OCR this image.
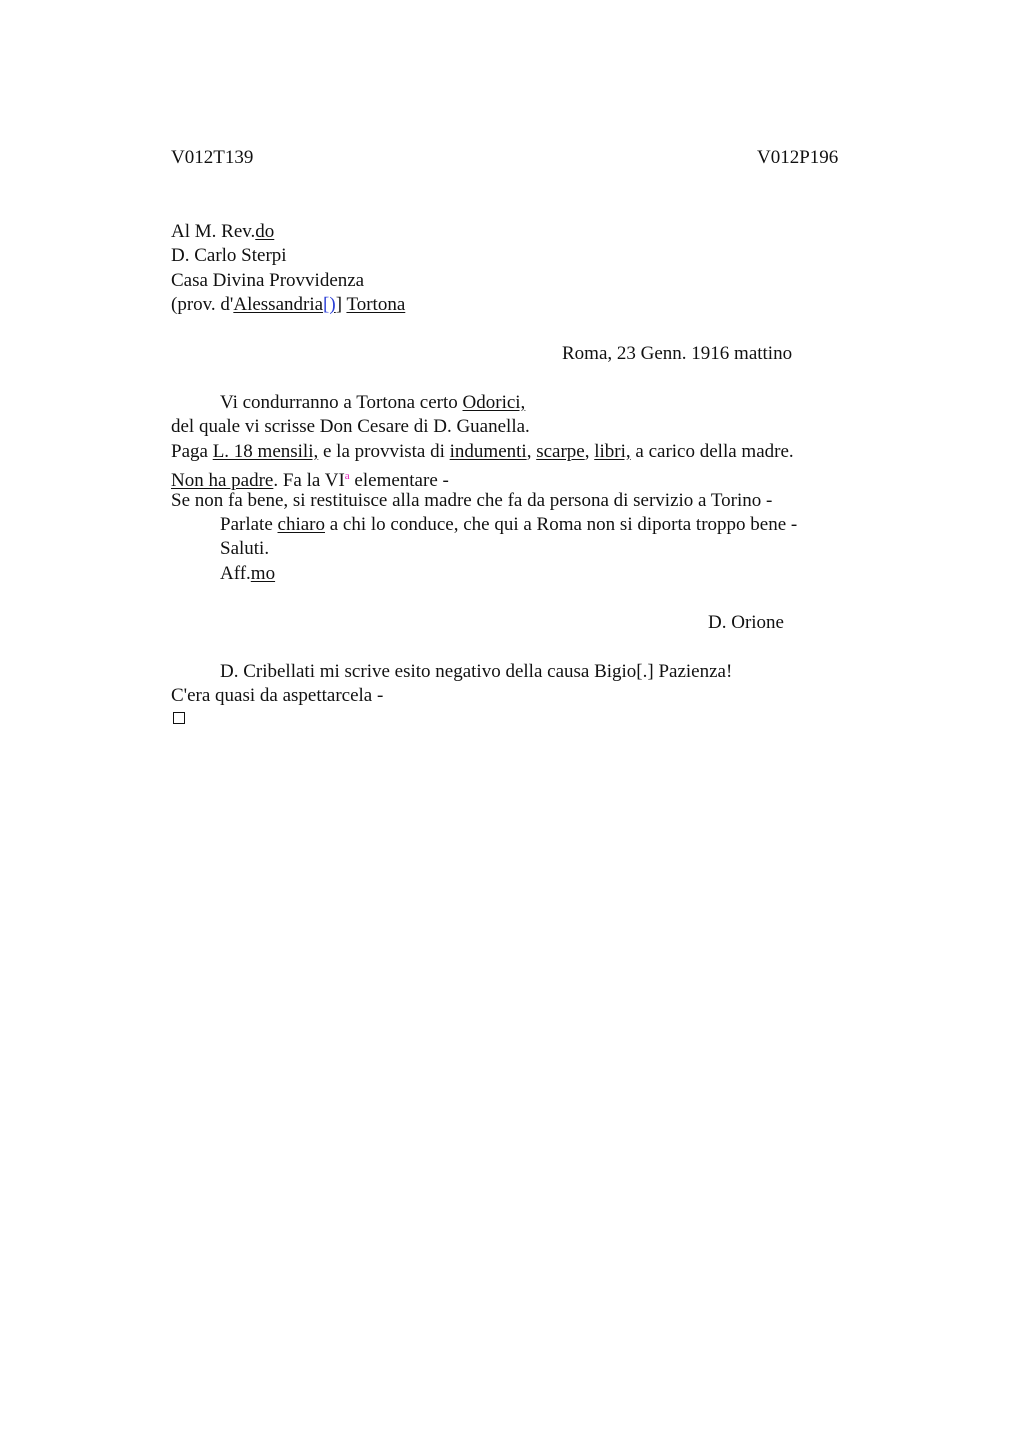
V012T139	V012P196
Al M. Rev.do
D. Carlo Sterpi
Casa Divina Provvidenza
(prov. d'Alessandria[)] Tortona
Roma, 23 Genn. 1916 mattino
Vi condurranno a Tortona certo Odorici,
del quale vi scrisse Don Cesare di D. Guanella.
Paga L. 18 mensili, e la provvista di indumenti, scarpe, libri, a carico della madre.
Non ha padre. Fa la $VI^a$ elementare -
Se non fa bene, si restituisce alla madre che fa da persona di servizio a Torino -
Parlate chiaro a chi lo conduce, che qui a Roma non si diporta troppo bene -
Saluti.
Aff.mo
D. Orione
D. Cribellati mi scrive esito negativo della causa Bigio[.] Pazienza!
C'era quasi da aspettarcela -
